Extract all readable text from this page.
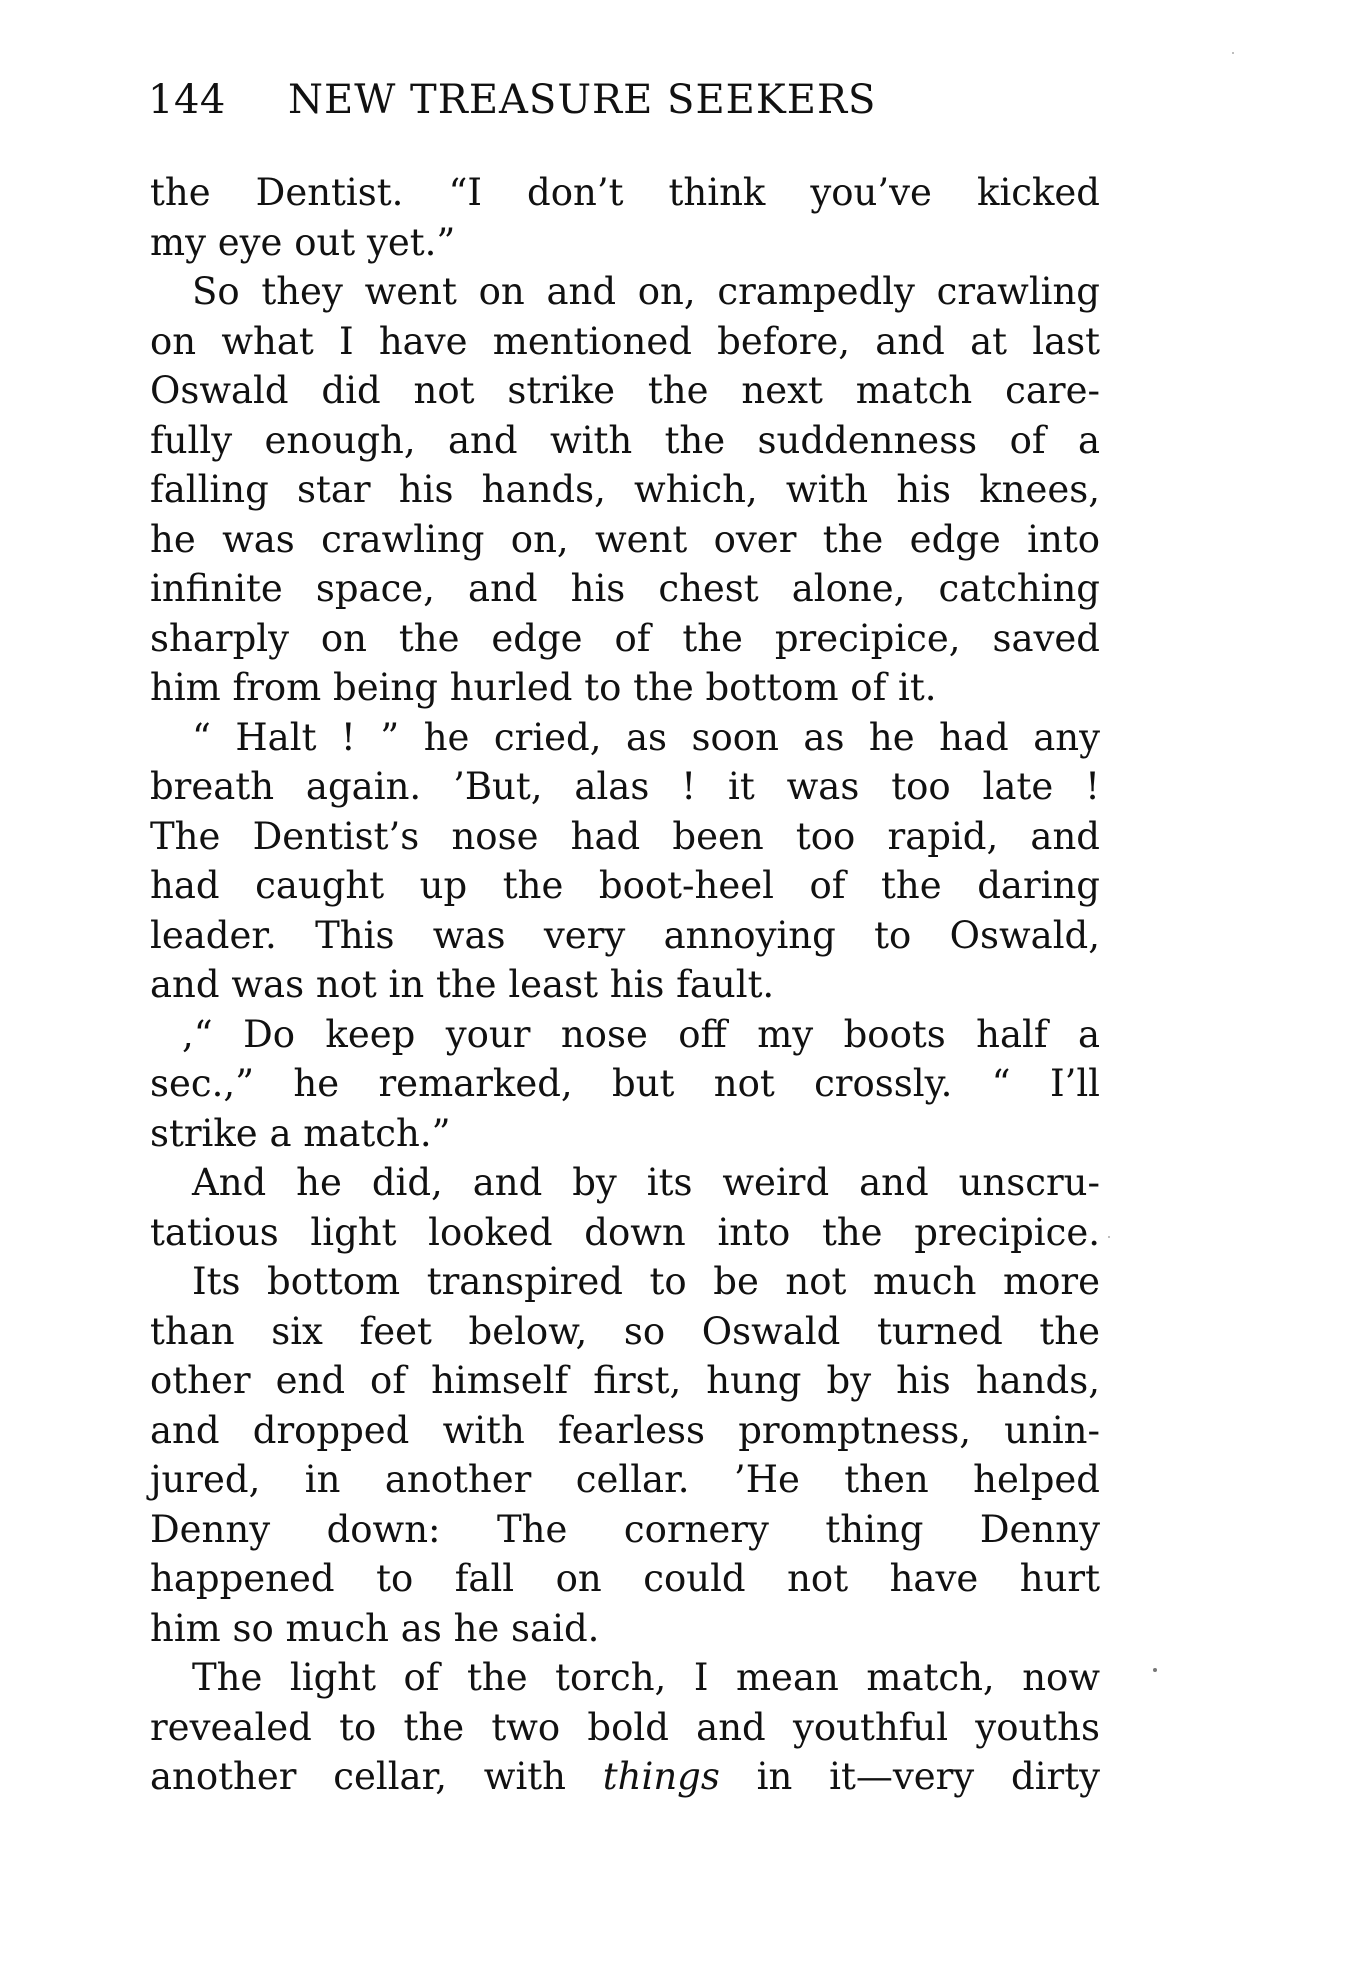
144 NEW TREASURE SEEKERS
the Dentist. “I don’t think you’ve kicked
my eye out yet.”
So they went on and on, crampedly crawling
on what I have mentioned before, and at last
Oswald did not strike the next match care-
fully enough, and with the suddenness of a
falling star his hands, which, with his knees,
he was crawling on, went over the edge into
infinite space, and his chest alone, catching
sharply on the edge of the precipice, saved
him from being hurled to the bottom of it.
“ Halt ! ” he cried, as soon as he had any
breath again. ’But, alas ! it was too late !
The Dentist’s nose had been too rapid, and
had caught up the boot-heel of the daring
leader. This was very annoying to Oswald,
and was not in the least his fault.
,“ Do keep your nose off my boots half a
sec.,” he remarked, but not crossly. “ I’ll
strike a match.”
And he did, and by its weird and unscru-
tatious light looked down into the precipice.
Its bottom transpired to be not much more
than six feet below, so Oswald turned the
other end of himself first, hung by his hands,
and dropped with fearless promptness, unin-
jured, in another cellar. ’He then helped
Denny down: The cornery thing Denny
happened to fall on could not have hurt
him so much as he said.
The light of the torch, I mean match, now
revealed to the two bold and youthful youths
another cellar, with things in it—very dirty
